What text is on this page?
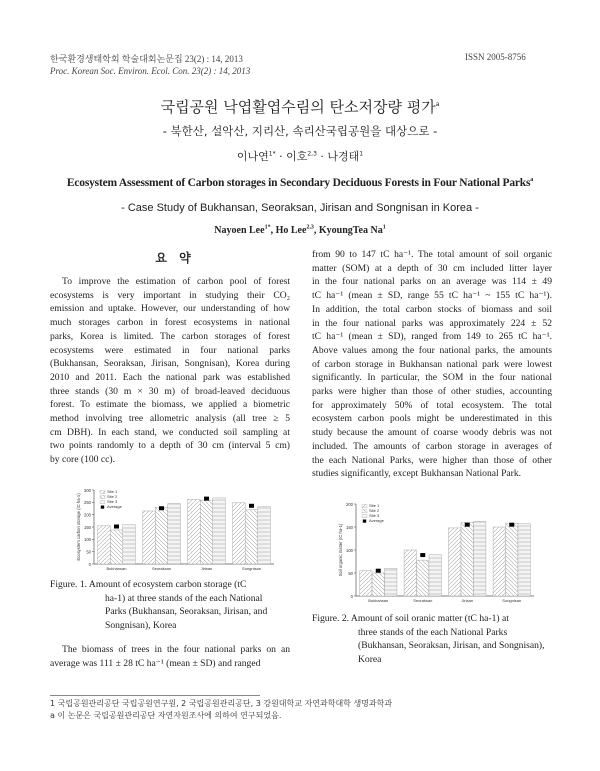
한국환경생태학회 학술대회논문집 23(2) : 14, 2013
Proc. Korean Soc. Environ. Ecol. Con. 23(2) : 14, 2013
ISSN 2005-8756
국립공원 낙엽활엽수림의 탄소저장량 평가$^a$
- 북한산, 설악산, 지리산, 속리산국립공원을 대상으로 -
이나연$^{1*}$ · 이호$^{2,3}$ · 나경태$^1$
Ecosystem Assessment of Carbon storages in Secondary Deciduous Forests in Four National Parks$^a$
- Case Study of Bukhansan, Seoraksan, Jirisan and Songnisan in Korea -
Nayoen Lee$^{1*}$, Ho Lee$^{2,3}$, KyoungTea Na$^1$
요 약
To improve the estimation of carbon pool of forest
ecosystems is very important in studying their CO₂
emission and uptake. However, our understanding of how
much storages carbon in forest ecosystems in national
parks, Korea is limited. The carbon storages of forest
ecosystems were estimated in four national parks
(Bukhansan, Seoraksan, Jirisan, Songnisan), Korea during
2010 and 2011. Each the national park was established
three stands (30 m × 30 m) of broad-leaved deciduous
forest. To estimate the biomass, we applied a biometric
method involving tree allometric analysis (all tree ≥ 5
cm DBH). In each stand, we conducted soil sampling at
two points randomly to a depth of 30 cm (interval 5 cm)
by core (100 cc).
0
50
100
150
200
250
300
Ecosystem carbon storage (tC ha-1)
Bukhansan	Seoraksan	Jirisan	Songnisan
Site 1
Site 2
Site 3
Average
Figure. 1. Amount of ecosystem carbon storage (tC
ha-1) at three stands of the each National
Parks (Bukhansan, Seoraksan, Jirisan, and
Songnisan), Korea
The biomass of trees in the four national parks on an
average was 111 ± 28 tC ha⁻¹ (mean ± SD) and ranged
from 90 to 147 tC ha⁻¹. The total amount of soil organic
matter (SOM) at a depth of 30 cm included litter layer
in the four national parks on an average was 114 ± 49
tC ha⁻¹ (mean ± SD, range 55 tC ha⁻¹ ~ 155 tC ha⁻¹).
In addition, the total carbon stocks of biomass and soil
in the four national parks was approximately 224 ± 52
tC ha⁻¹ (mean ± SD), ranged from 149 to 265 tC ha⁻¹.
Above values among the four national parks, the amounts
of carbon storage in Bukhansan national park were lowest
significantly. In particular, the SOM in the four national
parks were higher than those of other studies, accounting
for approximately 50% of total ecosystem. The total
ecosystem carbon pools might be underestimated in this
study because the amount of coarse woody debris was not
included. The amounts of carbon storage in averages of
the each National Parks, were higher than those of other
studies significantly, except Bukhansan National Park.
0
50
100
150
200
Soil organic matter (tC ha-1)
Bukhansan	Seoraksan	Jirisan	Songnisan
Site 1
Site 2
Site 3
Average
Figure. 2. Amount of soil oranic matter (tC ha-1) at
three stands of the each National Parks
(Bukhansan, Seoraksan, Jirisan, and Songnisan),
Korea
1 국립공원관리공단 국립공원연구원, 2 국립공원관리공단, 3 강원대학교 자연과학대학 생명과학과
a 이 논문은 국립공원관리공단 자연자원조사에 의하여 연구되었음.
